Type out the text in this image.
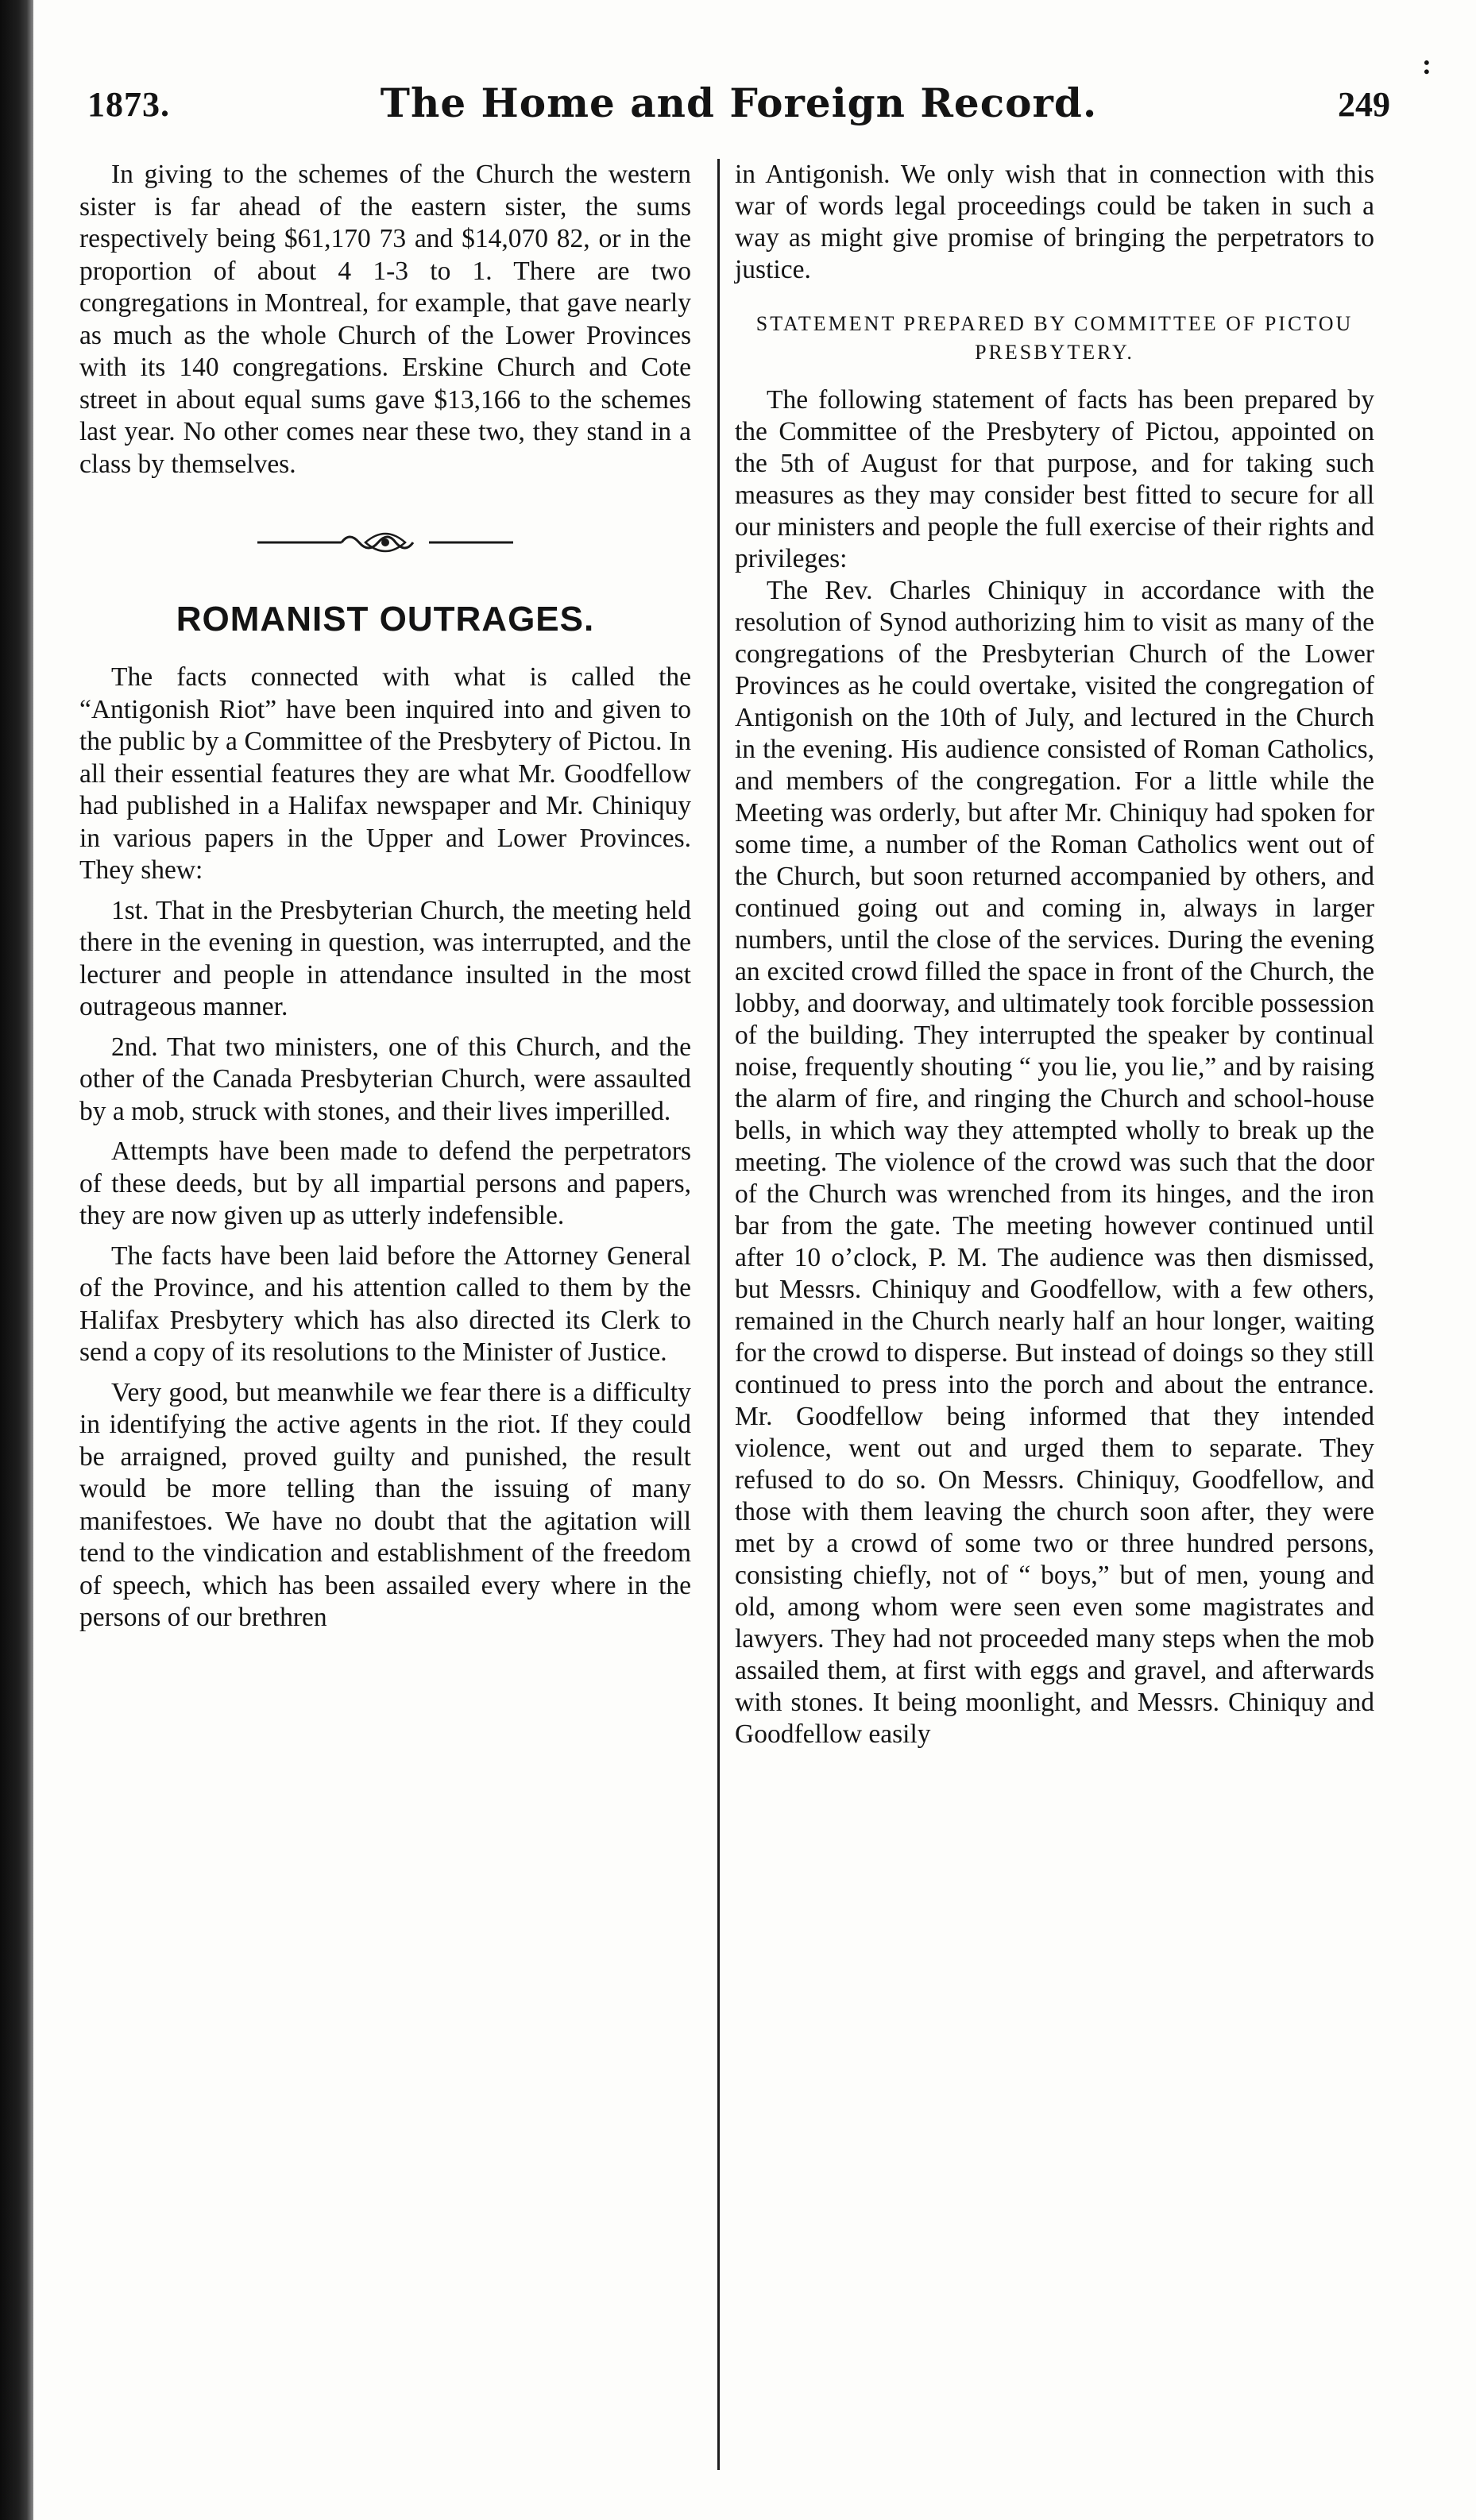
1873.	The Home and Foreign Record.	249
:

In giving to the schemes of the Church the western sister is far ahead of the eastern sister, the sums respectively being $61,170 73 and $14,070 82, or in the proportion of about 4 1-3 to 1. There are two congregations in Montreal, for example, that gave nearly as much as the whole Church of the Lower Provinces with its 140 congregations. Erskine Church and Cote street in about equal sums gave $13,166 to the schemes last year. No other comes near these two, they stand in a class by themselves.

ROMANIST OUTRAGES.

The facts connected with what is called the “Antigonish Riot” have been inquired into and given to the public by a Committee of the Presbytery of Pictou. In all their essential features they are what Mr. Goodfellow had published in a Halifax newspaper and Mr. Chiniquy in various papers in the Upper and Lower Provinces. They shew:

1st. That in the Presbyterian Church, the meeting held there in the evening in question, was interrupted, and the lecturer and people in attendance insulted in the most outrageous manner.

2nd. That two ministers, one of this Church, and the other of the Canada Presbyterian Church, were assaulted by a mob, struck with stones, and their lives imperilled.

Attempts have been made to defend the perpetrators of these deeds, but by all impartial persons and papers, they are now given up as utterly indefensible.

The facts have been laid before the Attorney General of the Province, and his attention called to them by the Halifax Presbytery which has also directed its Clerk to send a copy of its resolutions to the Minister of Justice.

Very good, but meanwhile we fear there is a difficulty in identifying the active agents in the riot. If they could be arraigned, proved guilty and punished, the result would be more telling than the issuing of many manifestoes. We have no doubt that the agitation will tend to the vindication and establishment of the freedom of speech, which has been assailed every where in the persons of our brethren

in Antigonish. We only wish that in connection with this war of words legal proceedings could be taken in such a way as might give promise of bringing the perpetrators to justice.

STATEMENT PREPARED BY COMMITTEE OF PICTOU PRESBYTERY.

The following statement of facts has been prepared by the Committee of the Presbytery of Pictou, appointed on the 5th of August for that purpose, and for taking such measures as they may consider best fitted to secure for all our ministers and people the full exercise of their rights and privileges:

The Rev. Charles Chiniquy in accordance with the resolution of Synod authorizing him to visit as many of the congregations of the Presbyterian Church of the Lower Provinces as he could overtake, visited the congregation of Antigonish on the 10th of July, and lectured in the Church in the evening. His audience consisted of Roman Catholics, and members of the congregation. For a little while the Meeting was orderly, but after Mr. Chiniquy had spoken for some time, a number of the Roman Catholics went out of the Church, but soon returned accompanied by others, and continued going out and coming in, always in larger numbers, until the close of the services. During the evening an excited crowd filled the space in front of the Church, the lobby, and doorway, and ultimately took forcible possession of the building. They interrupted the speaker by continual noise, frequently shouting “ you lie, you lie,” and by raising the alarm of fire, and ringing the Church and school-house bells, in which way they attempted wholly to break up the meeting. The violence of the crowd was such that the door of the Church was wrenched from its hinges, and the iron bar from the gate. The meeting however continued until after 10 o’clock, P. M. The audience was then dismissed, but Messrs. Chiniquy and Goodfellow, with a few others, remained in the Church nearly half an hour longer, waiting for the crowd to disperse. But instead of doings so they still continued to press into the porch and about the entrance. Mr. Goodfellow being informed that they intended violence, went out and urged them to separate. They refused to do so. On Messrs. Chiniquy, Goodfellow, and those with them leaving the church soon after, they were met by a crowd of some two or three hundred persons, consisting chiefly, not of “ boys,” but of men, young and old, among whom were seen even some magistrates and lawyers. They had not proceeded many steps when the mob assailed them, at first with eggs and gravel, and afterwards with stones. It being moonlight, and Messrs. Chiniquy and Goodfellow easily
